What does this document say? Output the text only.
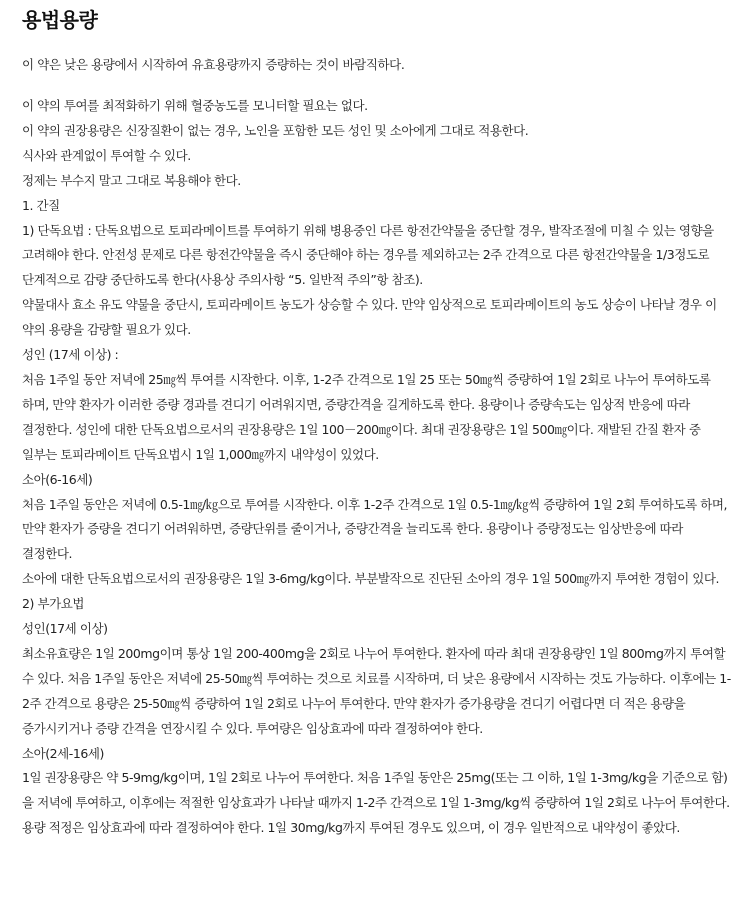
용법용량
이 약은 낮은 용량에서 시작하여 유효용량까지 증량하는 것이 바람직하다.

이 약의 투여를 최적화하기 위해 혈중농도를 모니터할 필요는 없다.

이 약의 권장용량은 신장질환이 없는 경우, 노인을 포함한 모든 성인 및 소아에게 그대로 적용한다.

식사와 관계없이 투여할 수 있다.

정제는 부수지 말고 그대로 복용해야 한다.

1. 간질

1) 단독요법 : 단독요법으로 토피라메이트를 투여하기 위해 병용중인 다른 항전간약물을 중단할 경우, 발작조절에 미칠 수 있는 영향을 고려해야 한다. 안전성 문제로 다른 항전간약물을 즉시 중단해야 하는 경우를 제외하고는 2주 간격으로 다른 항전간약물을 1/3정도로 단계적으로 감량 중단하도록 한다(사용상 주의사항 “5. 일반적 주의”항 참조).

약물대사 효소 유도 약물을 중단시, 토피라메이트 농도가 상승할 수 있다. 만약 임상적으로 토피라메이트의 농도 상승이 나타날 경우 이 약의 용량을 감량할 필요가 있다.

성인 (17세 이상) :

처음 1주일 동안 저녁에 25㎎씩 투여를 시작한다. 이후, 1-2주 간격으로 1일 25 또는 50㎎씩 증량하여 1일 2회로 나누어 투여하도록 하며, 만약 환자가 이러한 증량 경과를 견디기 어려워지면, 증량간격을 길게하도록 한다. 용량이나 증량속도는 임상적 반응에 따라 결정한다. 성인에 대한 단독요법으로서의 권장용량은 1일 100－200㎎이다. 최대 권장용량은 1일 500㎎이다. 재발된 간질 환자 중 일부는 토피라메이트 단독요법시 1일 1,000㎎까지 내약성이 있었다.

소아(6-16세)

처음 1주일 동안은 저녁에 0.5-1㎎/㎏으로 투여를 시작한다. 이후 1-2주 간격으로 1일 0.5-1㎎/㎏씩 증량하여 1일 2회 투여하도록 하며, 만약 환자가 증량을 견디기 어려워하면, 증량단위를 줄이거나, 증량간격을 늘리도록 한다. 용량이나 증량정도는 임상반응에 따라 결정한다.

소아에 대한 단독요법으로서의 권장용량은 1일 3-6mg/kg이다. 부분발작으로 진단된 소아의 경우 1일 500㎎까지 투여한 경험이 있다.

2) 부가요법

성인(17세 이상)

최소유효량은 1일 200mg이며 통상 1일 200-400mg을 2회로 나누어 투여한다. 환자에 따라 최대 권장용량인 1일 800mg까지 투여할 수 있다. 처음 1주일 동안은 저녁에 25-50㎎씩 투여하는 것으로 치료를 시작하며, 더 낮은 용량에서 시작하는 것도 가능하다. 이후에는 1-2주 간격으로 용량은 25-50㎎씩 증량하여 1일 2회로 나누어 투여한다. 만약 환자가 증가용량을 견디기 어렵다면 더 적은 용량을 증가시키거나 증량 간격을 연장시킬 수 있다. 투여량은 임상효과에 따라 결정하여야 한다.

소아(2세-16세)

1일 권장용량은 약 5-9mg/kg이며, 1일 2회로 나누어 투여한다. 처음 1주일 동안은 25mg(또는 그 이하, 1일 1-3mg/kg을 기준으로 함)을 저녁에 투여하고, 이후에는 적절한 임상효과가 나타날 때까지 1-2주 간격으로 1일 1-3mg/kg씩 증량하여 1일 2회로 나누어 투여한다. 용량 적정은 임상효과에 따라 결정하여야 한다. 1일 30mg/kg까지 투여된 경우도 있으며, 이 경우 일반적으로 내약성이 좋았다.
